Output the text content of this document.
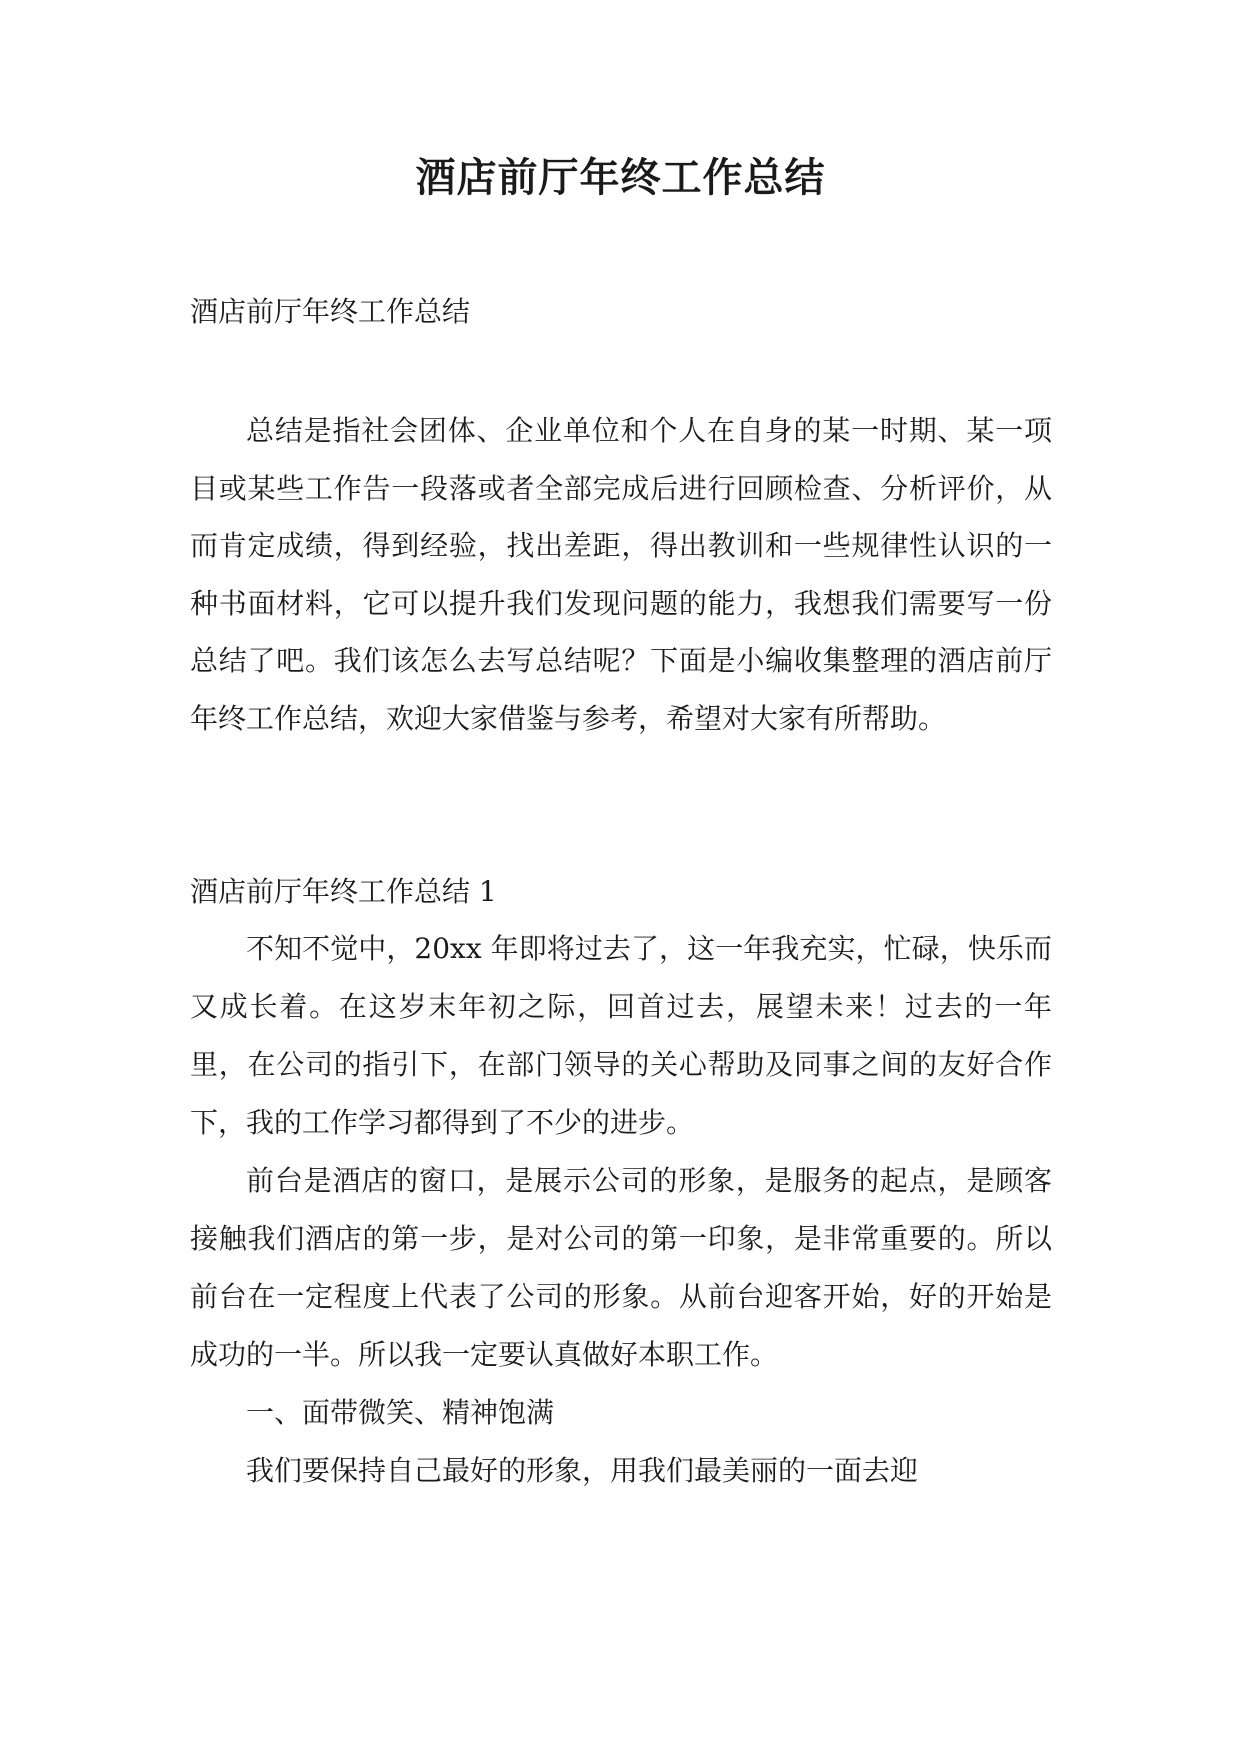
酒店前厅年终工作总结
酒店前厅年终工作总结

总结是指社会团体、企业单位和个人在自身的某一时期、某一项目或某些工作告一段落或者全部完成后进行回顾检查、分析评价，从而肯定成绩，得到经验，找出差距，得出教训和一些规律性认识的一种书面材料，它可以提升我们发现问题的能力，我想我们需要写一份总结了吧。我们该怎么去写总结呢？下面是小编收集整理的酒店前厅年终工作总结，欢迎大家借鉴与参考，希望对大家有所帮助。

酒店前厅年终工作总结 1

不知不觉中，20xx 年即将过去了，这一年我充实，忙碌，快乐而又成长着。在这岁末年初之际，回首过去，展望未来！过去的一年里，在公司的指引下，在部门领导的关心帮助及同事之间的友好合作下，我的工作学习都得到了不少的进步。

前台是酒店的窗口，是展示公司的形象，是服务的起点，是顾客接触我们酒店的第一步，是对公司的第一印象，是非常重要的。所以前台在一定程度上代表了公司的形象。从前台迎客开始，好的开始是成功的一半。所以我一定要认真做好本职工作。

一、面带微笑、精神饱满

我们要保持自己最好的形象，用我们最美丽的一面去迎
